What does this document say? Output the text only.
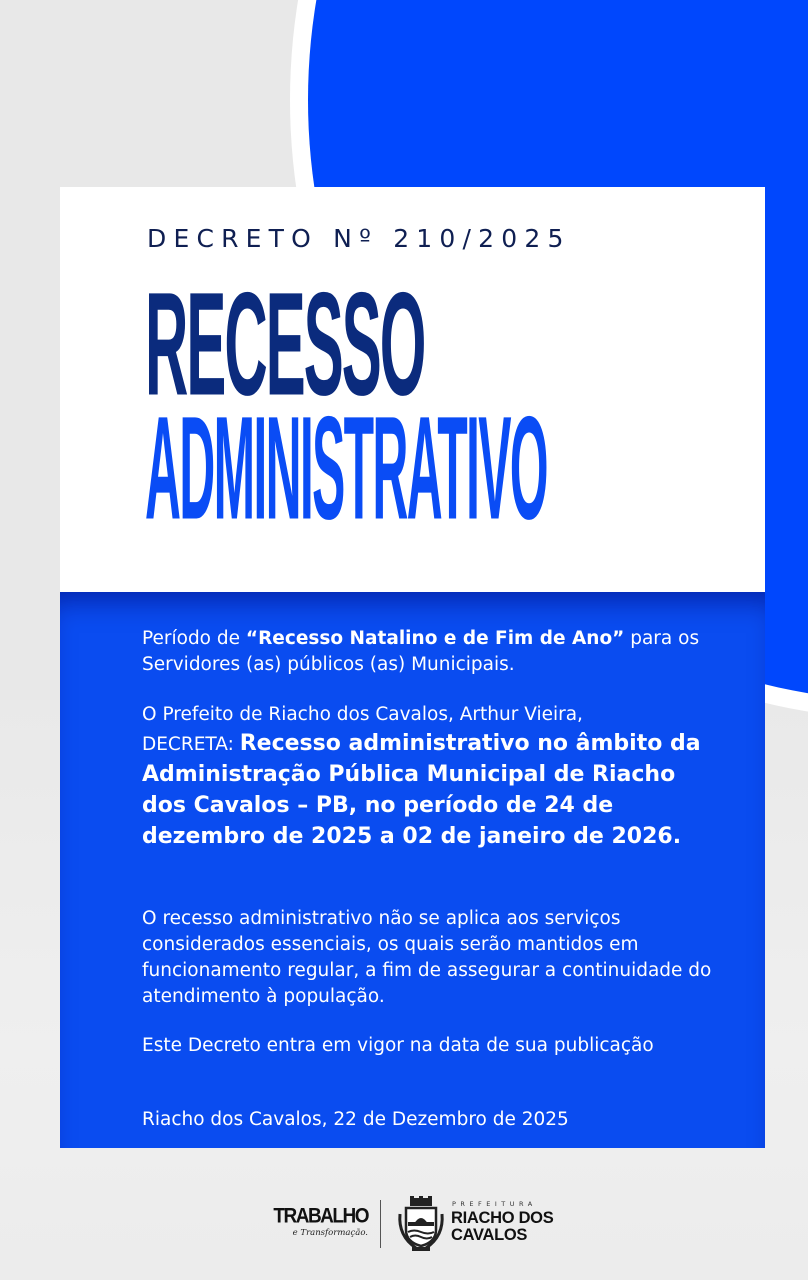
DECRETO Nº 210/2025
RECESSO
ADMINISTRATIVO
Período de “Recesso Natalino e de Fim de Ano” para os Servidores (as) públicos (as) Municipais.
O Prefeito de Riacho dos Cavalos, Arthur Vieira,
DECRETA: Recesso administrativo no âmbito da Administração Pública Municipal de Riacho dos Cavalos – PB, no período de 24 de dezembro de 2025 a 02 de janeiro de 2026.
O recesso administrativo não se aplica aos serviços considerados essenciais, os quais serão mantidos em funcionamento regular, a fim de assegurar a continuidade do atendimento à população.
Este Decreto entra em vigor na data de sua publicação
Riacho dos Cavalos, 22 de Dezembro de 2025
TRABALHO
e Transformação.
PREFEITURA
RIACHO DOS
CAVALOS
